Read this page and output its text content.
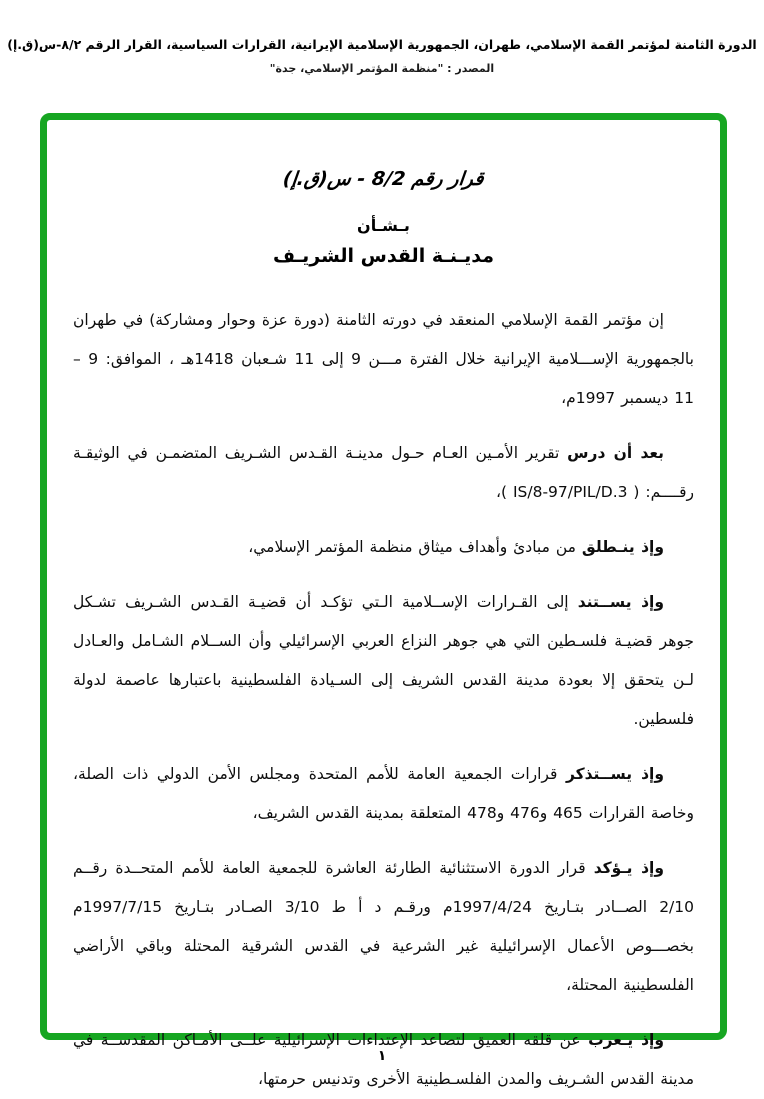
الدورة الثامنة لمؤتمر القمة الإسلامي، طهران، الجمهورية الإسلامية الإيرانية، القرارات السياسية، القرار الرقم ٨/٢-س(ق.إ)
المصدر : "منظمة المؤتمر الإسلامي، جدة"
قرار رقم 8/2 - س(ق.إ)
بـشـأن
مديـنـة القدس الشريـف

إن مؤتمر القمة الإسلامي المنعقد في دورته الثامنة (دورة عزة وحوار ومشاركة) في طهران بالجمهورية الإســـلامية الإيرانية خلال الفترة مـــن 9 إلى 11 شـعبان 1418هـ ، الموافق: 9 – 11 ديسمبر 1997م،

بعد أن درس تقرير الأمـين العـام حـول مدينـة القـدس الشـريف المتضمـن في الوثيقـة رقــــم: ( IS/8-97/PIL/D.3 )،

وإذ ينـطلق من مبادئ وأهداف ميثاق منظمة المؤتمر الإسلامي،

وإذ يســتند إلى القـرارات الإســلامية الـتي تؤكـد أن قضيـة القـدس الشـريف تشـكل جوهر قضيـة فلسـطين التي هي جوهر النزاع العربي الإسرائيلي وأن الســلام الشـامل والعـادل لـن يتحقق إلا بعودة مدينة القدس الشريف إلى السـيادة الفلسطينية باعتبارها عاصمة لدولة فلسطين.

وإذ يســتذكر قرارات الجمعية العامة للأمم المتحدة ومجلس الأمن الدولي ذات الصلة، وخاصة القرارات 465 و476 و478 المتعلقة بمدينة القدس الشريف،

وإذ يـؤكد قرار الدورة الاستثنائية الطارئة العاشرة للجمعية العامة للأمم المتحــدة رقــم 2/10 الصــادر بتـاريخ 1997/4/24م ورقـم د أ ط 3/10 الصـادر بتـاريخ 1997/7/15م بخصـــوص الأعمال الإسرائيلية غير الشرعية في القدس الشرقية المحتلة وباقي الأراضي الفلسطينية المحتلة،

وإذ يـعرب عن قلقه العميق لتصاعد الإعتداءات الإسرائيلية علــى الأمـاكن المقدســة في مدينة القدس الشـريف والمدن الفلسـطينية الأخرى وتدنيس حرمتها،

١
